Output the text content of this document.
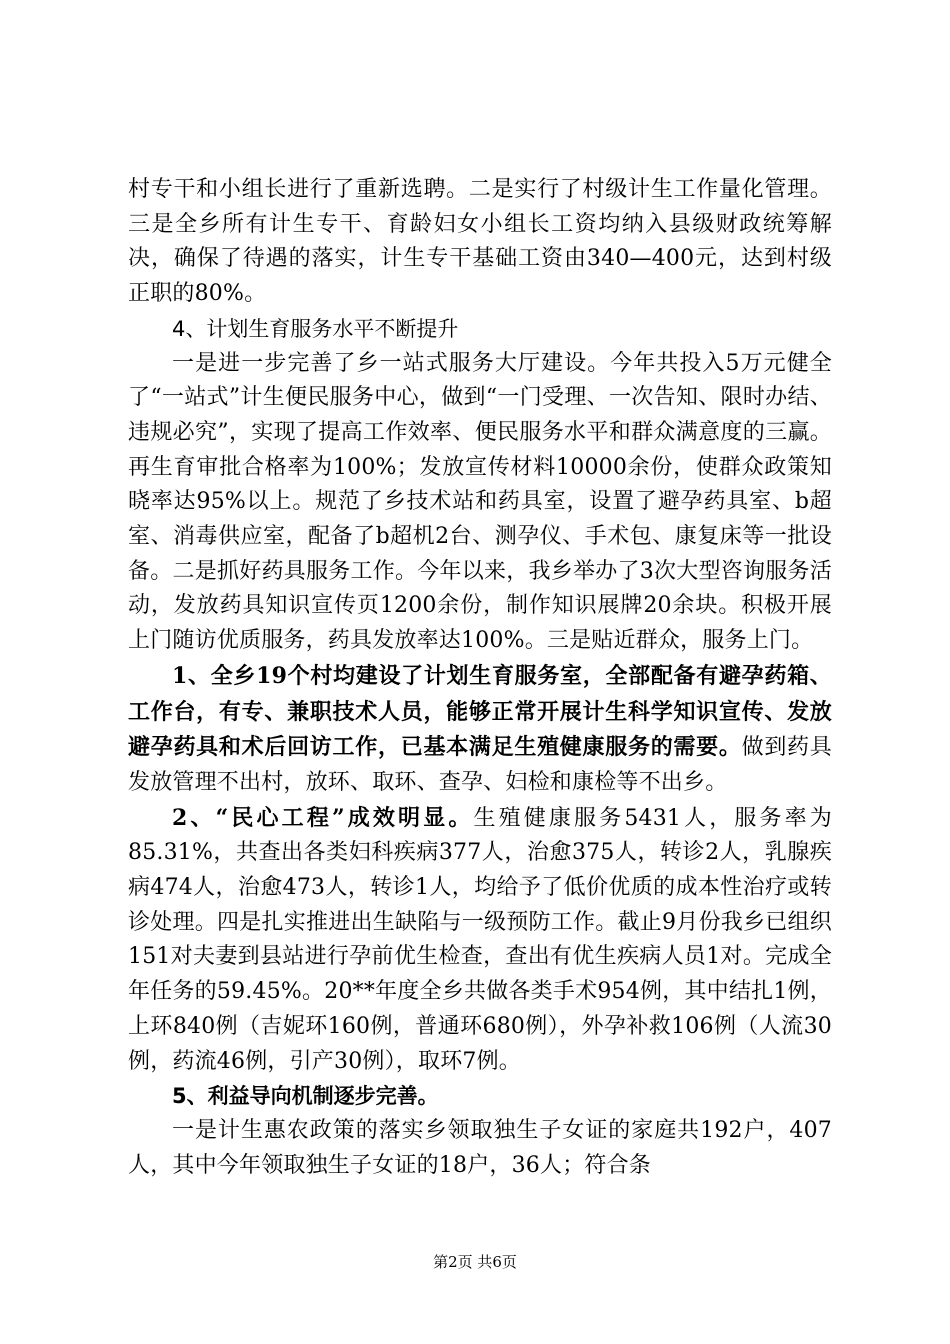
村专干和小组长进行了重新选聘。二是实行了村级计生工作量化管理。三是全乡所有计生专干、育龄妇女小组长工资均纳入县级财政统筹解决，确保了待遇的落实，计生专干基础工资由340—400元，达到村级正职的80%。

4、计划生育服务水平不断提升

一是进一步完善了乡一站式服务大厅建设。今年共投入5万元健全了“一站式”计生便民服务中心，做到“一门受理、一次告知、限时办结、违规必究”，实现了提高工作效率、便民服务水平和群众满意度的三赢。再生育审批合格率为100%；发放宣传材料10000余份，使群众政策知晓率达95%以上。规范了乡技术站和药具室，设置了避孕药具室、b超室、消毒供应室，配备了b超机2台、测孕仪、手术包、康复床等一批设备。二是抓好药具服务工作。今年以来，我乡举办了3次大型咨询服务活动，发放药具知识宣传页1200余份，制作知识展牌20余块。积极开展上门随访优质服务，药具发放率达100%。三是贴近群众，服务上门。

1、全乡19个村均建设了计划生育服务室，全部配备有避孕药箱、工作台，有专、兼职技术人员，能够正常开展计生科学知识宣传、发放避孕药具和术后回访工作，已基本满足生殖健康服务的需要。做到药具发放管理不出村，放环、取环、查孕、妇检和康检等不出乡。

2、“民心工程”成效明显。生殖健康服务5431人，服务率为85.31%，共查出各类妇科疾病377人，治愈375人，转诊2人，乳腺疾病474人，治愈473人，转诊1人，均给予了低价优质的成本性治疗或转诊处理。四是扎实推进出生缺陷与一级预防工作。截止9月份我乡已组织151对夫妻到县站进行孕前优生检查，查出有优生疾病人员1对。完成全年任务的59.45%。20**年度全乡共做各类手术954例，其中结扎1例，上环840例（吉妮环160例，普通环680例），外孕补救106例（人流30例，药流46例，引产30例），取环7例。

5、利益导向机制逐步完善。

一是计生惠农政策的落实乡领取独生子女证的家庭共192户，407人，其中今年领取独生子女证的18户，36人；符合条

第2页 共6页
